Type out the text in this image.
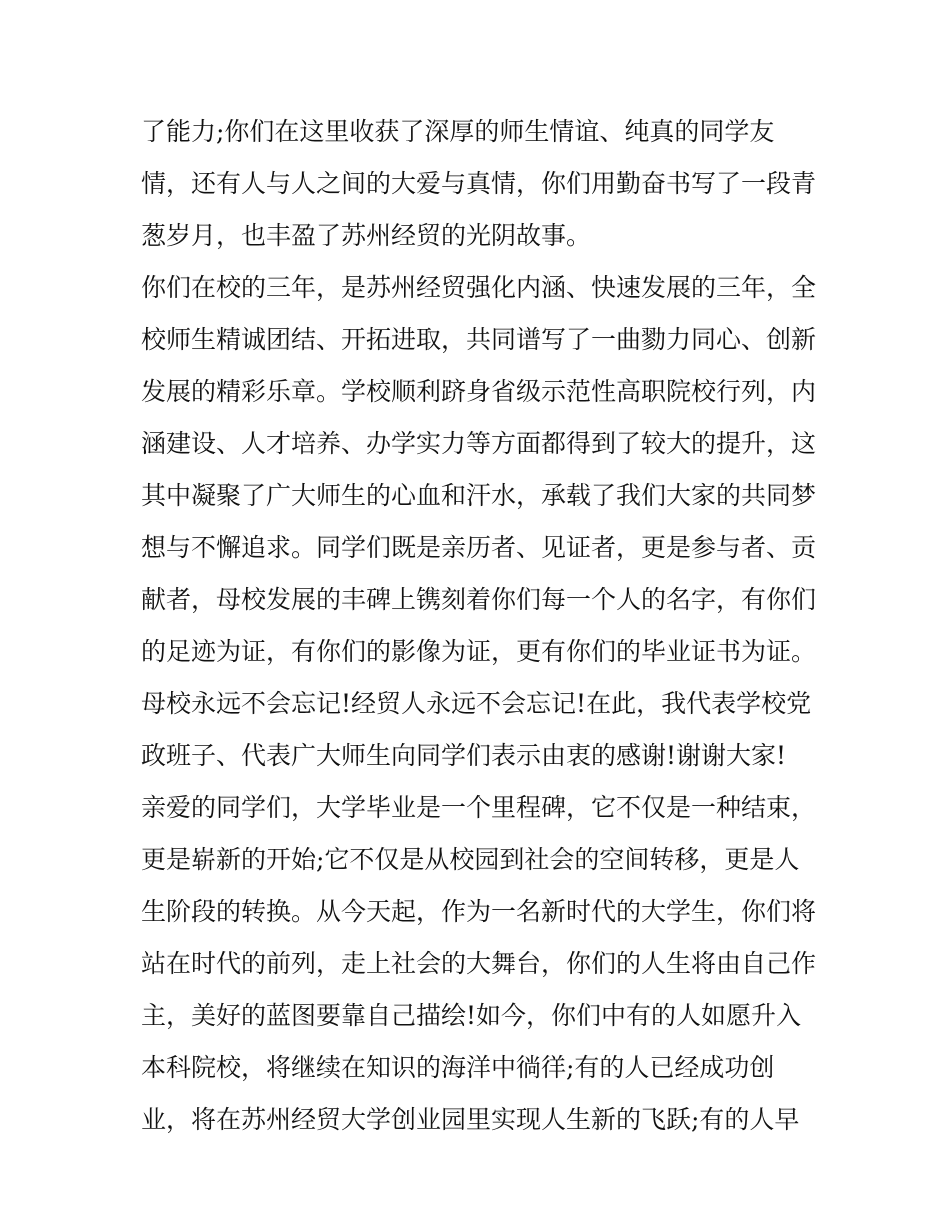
了能力;你们在这里收获了深厚的师生情谊、纯真的同学友
情，还有人与人之间的大爱与真情，你们用勤奋书写了一段青
葱岁月，也丰盈了苏州经贸的光阴故事。
你们在校的三年，是苏州经贸强化内涵、快速发展的三年，全
校师生精诚团结、开拓进取，共同谱写了一曲勠力同心、创新
发展的精彩乐章。学校顺利跻身省级示范性高职院校行列，内
涵建设、人才培养、办学实力等方面都得到了较大的提升，这
其中凝聚了广大师生的心血和汗水，承载了我们大家的共同梦
想与不懈追求。同学们既是亲历者、见证者，更是参与者、贡
献者，母校发展的丰碑上镌刻着你们每一个人的名字，有你们
的足迹为证，有你们的影像为证，更有你们的毕业证书为证。
母校永远不会忘记!经贸人永远不会忘记!在此，我代表学校党
政班子、代表广大师生向同学们表示由衷的感谢!谢谢大家!
亲爱的同学们，大学毕业是一个里程碑，它不仅是一种结束，
更是崭新的开始;它不仅是从校园到社会的空间转移，更是人
生阶段的转换。从今天起，作为一名新时代的大学生，你们将
站在时代的前列，走上社会的大舞台，你们的人生将由自己作
主，美好的蓝图要靠自己描绘!如今，你们中有的人如愿升入
本科院校，将继续在知识的海洋中徜徉;有的人已经成功创
业，将在苏州经贸大学创业园里实现人生新的飞跃;有的人早
